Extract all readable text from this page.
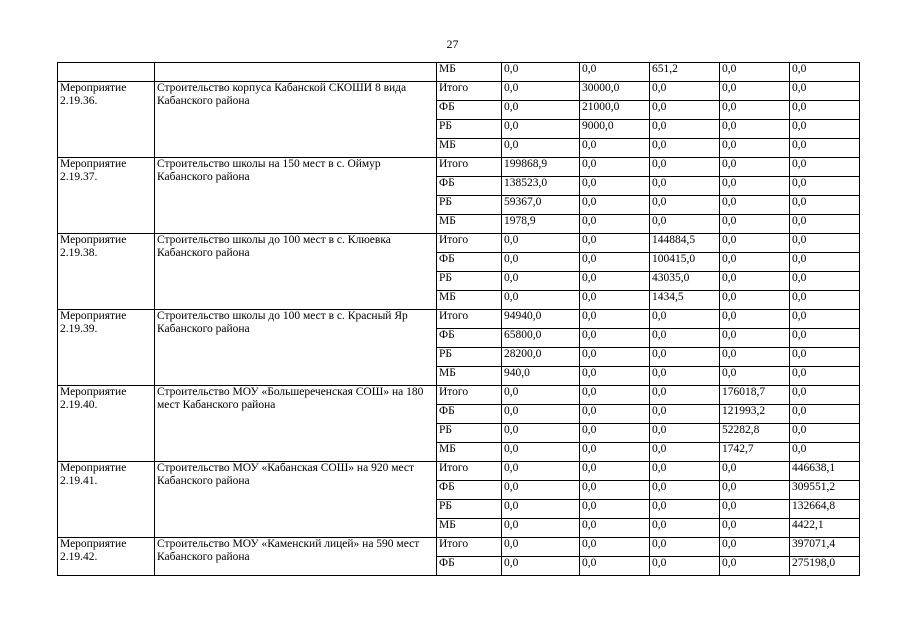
27
		МБ	0,0	0,0	651,2	0,0	0,0
Мероприятие 2.19.36.	Строительство корпуса Кабанской СКОШИ 8 вида Кабанского района	Итого	0,0	30000,0	0,0	0,0	0,0
		ФБ	0,0	21000,0	0,0	0,0	0,0
		РБ	0,0	9000,0	0,0	0,0	0,0
		МБ	0,0	0,0	0,0	0,0	0,0
Мероприятие 2.19.37.	Строительство школы на 150 мест в с. Оймур Кабанского района	Итого	199868,9	0,0	0,0	0,0	0,0
		ФБ	138523,0	0,0	0,0	0,0	0,0
		РБ	59367,0	0,0	0,0	0,0	0,0
		МБ	1978,9	0,0	0,0	0,0	0,0
Мероприятие 2.19.38.	Строительство школы до 100 мест в с. Клюевка Кабанского района	Итого	0,0	0,0	144884,5	0,0	0,0
		ФБ	0,0	0,0	100415,0	0,0	0,0
		РБ	0,0	0,0	43035,0	0,0	0,0
		МБ	0,0	0,0	1434,5	0,0	0,0
Мероприятие 2.19.39.	Строительство школы до 100 мест в с. Красный Яр Кабанского района	Итого	94940,0	0,0	0,0	0,0	0,0
		ФБ	65800,0	0,0	0,0	0,0	0,0
		РБ	28200,0	0,0	0,0	0,0	0,0
		МБ	940,0	0,0	0,0	0,0	0,0
Мероприятие 2.19.40.	Строительство МОУ «Большереченская СОШ» на 180 мест Кабанского района	Итого	0,0	0,0	0,0	176018,7	0,0
		ФБ	0,0	0,0	0,0	121993,2	0,0
		РБ	0,0	0,0	0,0	52282,8	0,0
		МБ	0,0	0,0	0,0	1742,7	0,0
Мероприятие 2.19.41.	Строительство МОУ «Кабанская СОШ» на 920 мест Кабанского района	Итого	0,0	0,0	0,0	0,0	446638,1
		ФБ	0,0	0,0	0,0	0,0	309551,2
		РБ	0,0	0,0	0,0	0,0	132664,8
		МБ	0,0	0,0	0,0	0,0	4422,1
Мероприятие 2.19.42.	Строительство МОУ «Каменский лицей» на 590 мест Кабанского района	Итого	0,0	0,0	0,0	0,0	397071,4
		ФБ	0,0	0,0	0,0	0,0	275198,0
